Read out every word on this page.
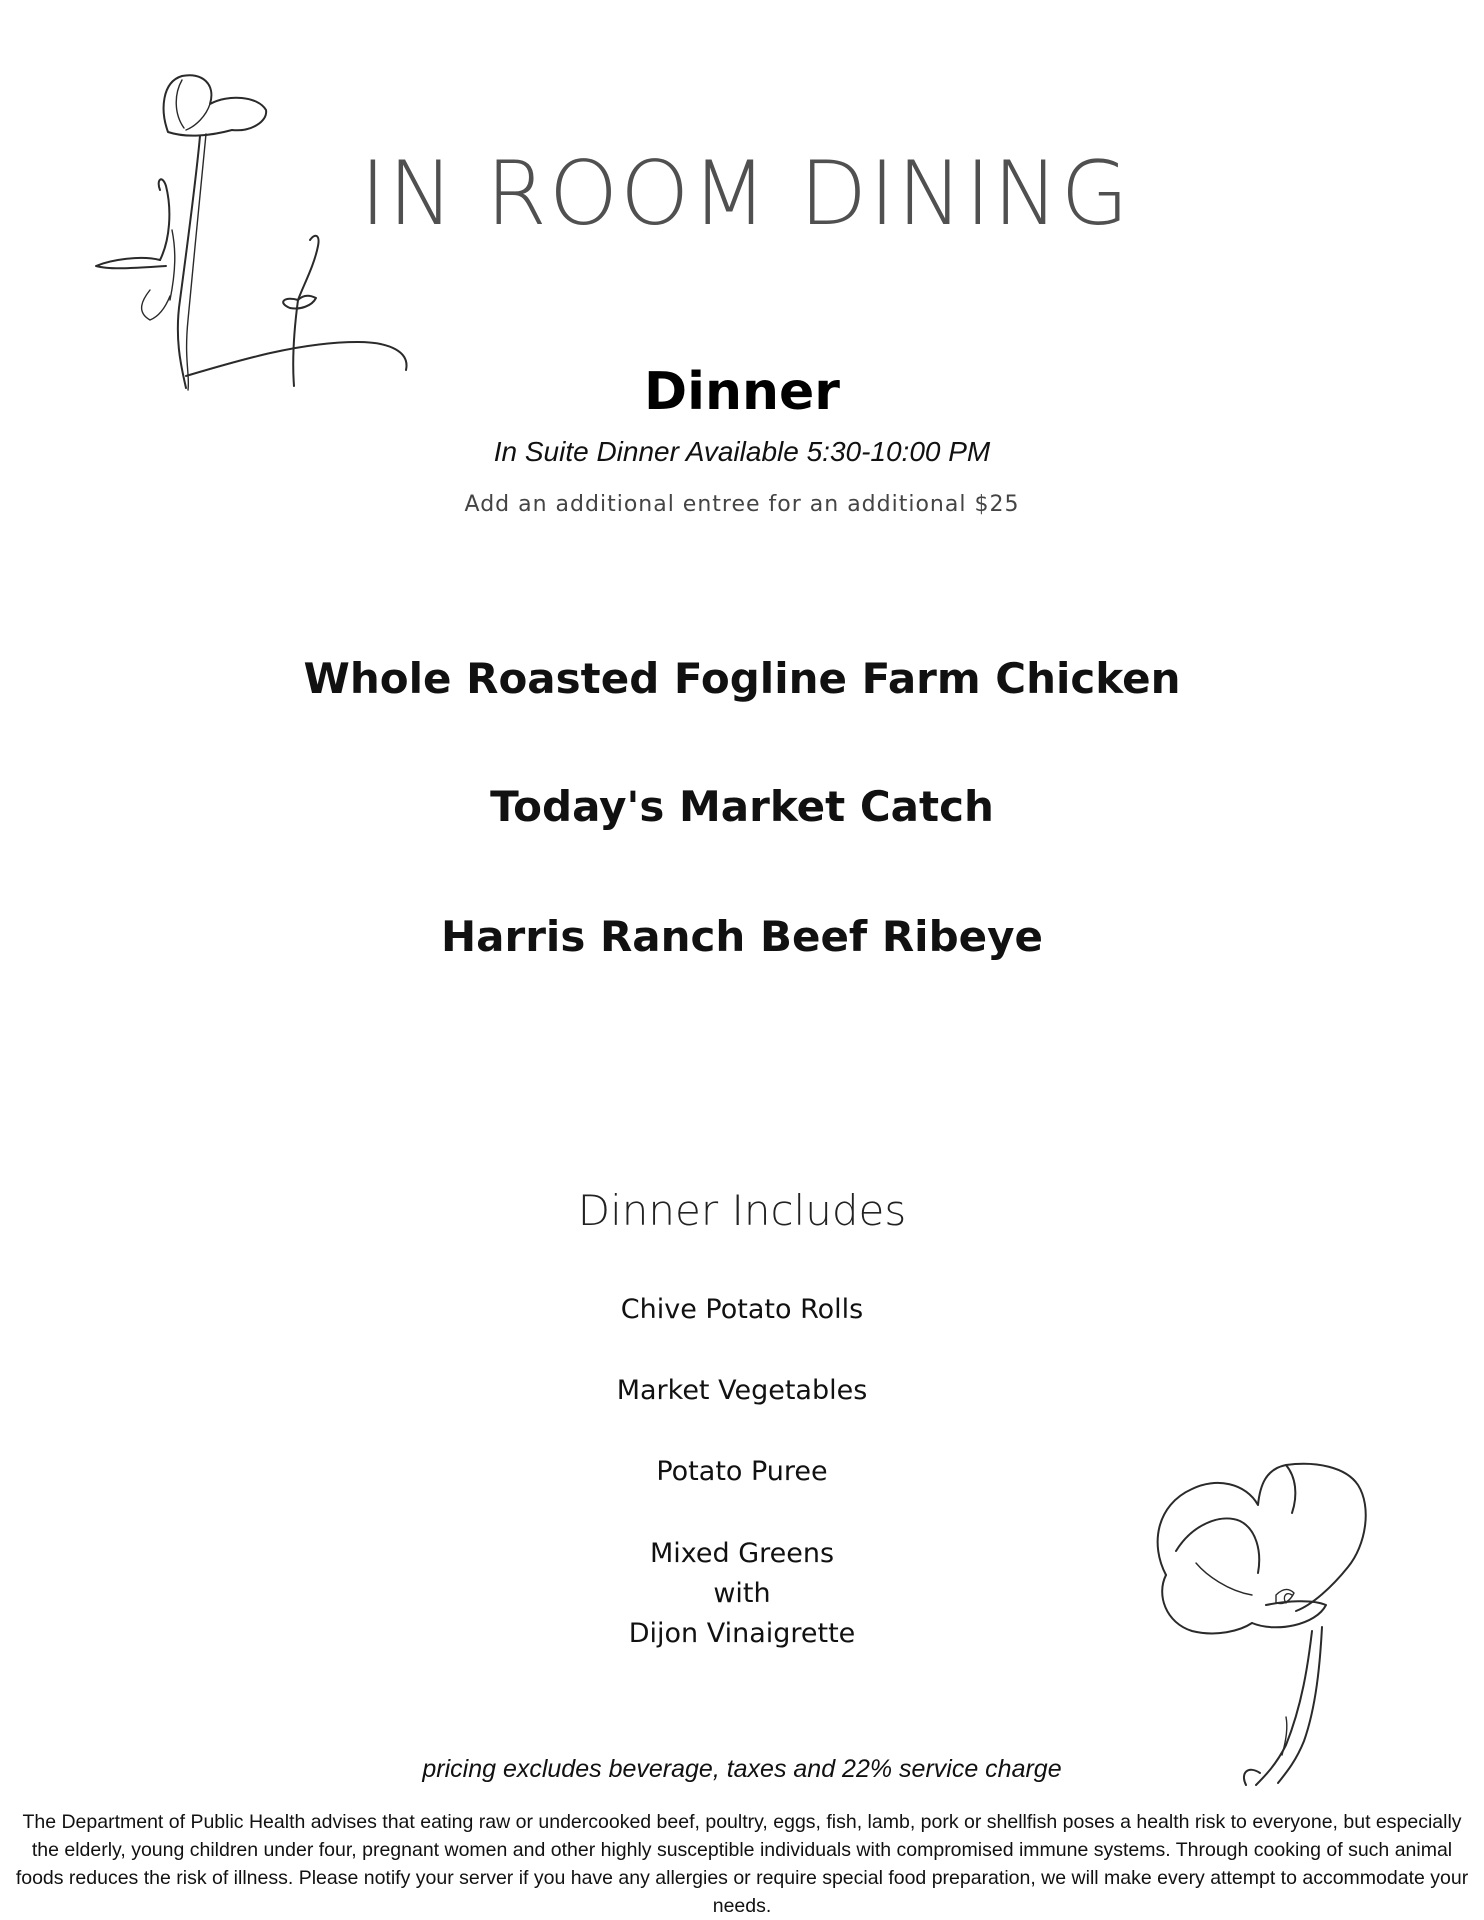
IN ROOM DINING
Dinner
In Suite Dinner Available 5:30-10:00 PM
Add an additional entree for an additional $25
Whole Roasted Fogline Farm Chicken
Today's Market Catch
Harris Ranch Beef Ribeye
Dinner Includes
Chive Potato Rolls
Market Vegetables
Potato Puree
Mixed Greens
with
Dijon Vinaigrette
pricing excludes beverage, taxes and 22% service charge
The Department of Public Health advises that eating raw or undercooked beef, poultry, eggs, fish, lamb, pork or shellfish poses a health risk to everyone, but especially the elderly, young children under four, pregnant women and other highly susceptible individuals with compromised immune systems. Through cooking of such animal foods reduces the risk of illness. Please notify your server if you have any allergies or require special food preparation, we will make every attempt to accommodate your needs.
